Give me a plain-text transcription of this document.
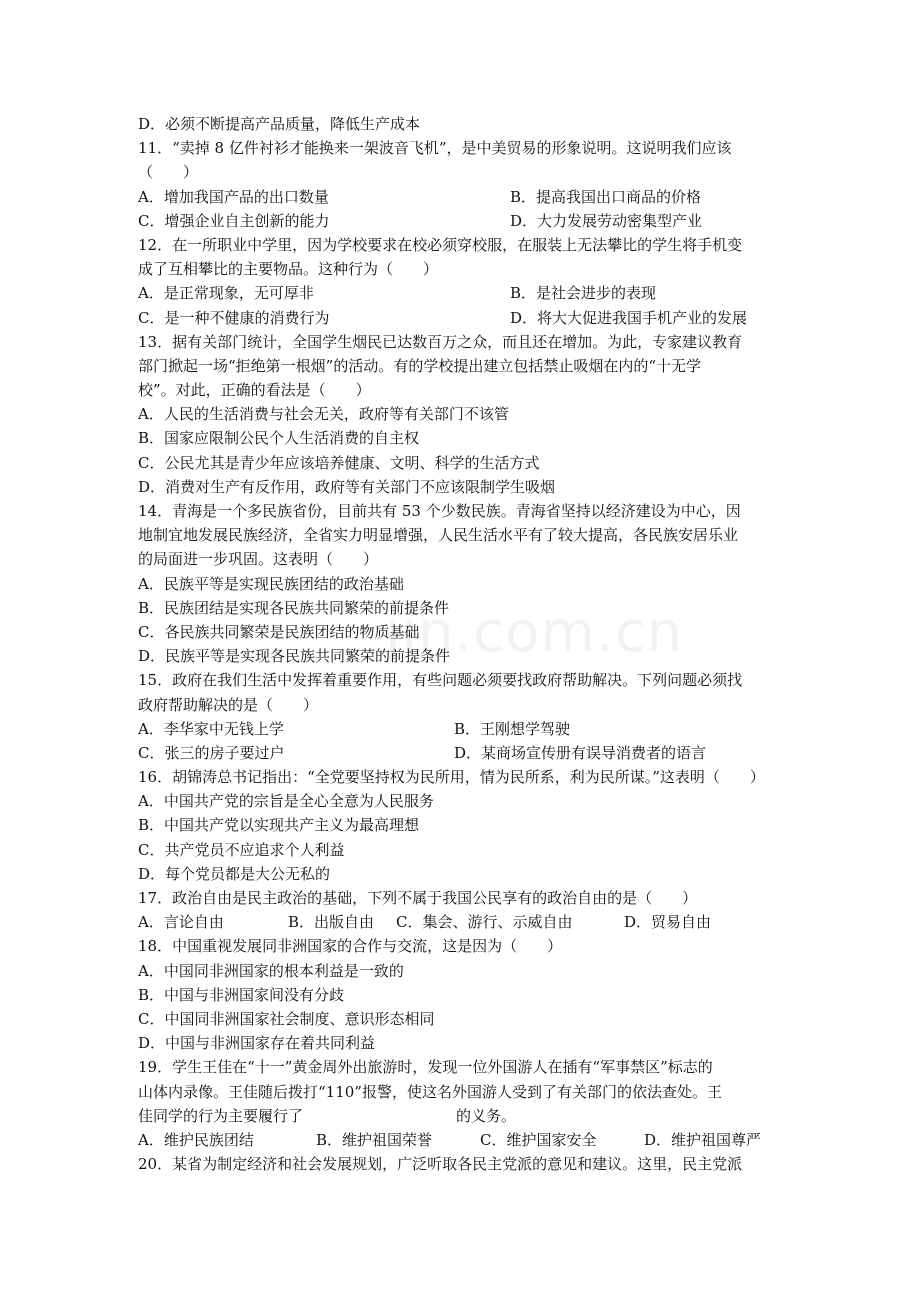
jin.com.cn
D．必须不断提高产品质量，降低生产成本
11．“卖掉 8 亿件衬衫才能换来一架波音飞机”，是中美贸易的形象说明。这说明我们应该
（　　）
A．增加我国产品的出口数量	B．提高我国出口商品的价格
C．增强企业自主创新的能力	D．大力发展劳动密集型产业
12．在一所职业中学里，因为学校要求在校必须穿校服，在服装上无法攀比的学生将手机变
成了互相攀比的主要物品。这种行为（　　）
A．是正常现象，无可厚非	B．是社会进步的表现
C．是一种不健康的消费行为	D．将大大促进我国手机产业的发展
13．据有关部门统计，全国学生烟民已达数百万之众，而且还在增加。为此，专家建议教育
部门掀起一场“拒绝第一根烟”的活动。有的学校提出建立包括禁止吸烟在内的“十无学
校”。对此，正确的看法是（　　）
A．人民的生活消费与社会无关，政府等有关部门不该管
B．国家应限制公民个人生活消费的自主权
C．公民尤其是青少年应该培养健康、文明、科学的生活方式
D．消费对生产有反作用，政府等有关部门不应该限制学生吸烟
14．青海是一个多民族省份，目前共有 53 个少数民族。青海省坚持以经济建设为中心，因
地制宜地发展民族经济，全省实力明显增强，人民生活水平有了较大提高，各民族安居乐业
的局面进一步巩固。这表明（　　）
A．民族平等是实现民族团结的政治基础
B．民族团结是实现各民族共同繁荣的前提条件
C．各民族共同繁荣是民族团结的物质基础
D．民族平等是实现各民族共同繁荣的前提条件
15．政府在我们生活中发挥着重要作用，有些问题必须要找政府帮助解决。下列问题必须找
政府帮助解决的是（　　）
A．李华家中无钱上学	B．王刚想学驾驶
C．张三的房子要过户	D．某商场宣传册有误导消费者的语言
16．胡锦涛总书记指出：“全党要坚持权为民所用，情为民所系，利为民所谋。”这表明（　　）
A．中国共产党的宗旨是全心全意为人民服务
B．中国共产党以实现共产主义为最高理想
C．共产党员不应追求个人利益
D．每个党员都是大公无私的
17．政治自由是民主政治的基础，下列不属于我国公民享有的政治自由的是（　　）
A．言论自由	B．出版自由	C．集会、游行、示威自由	D．贸易自由
18．中国重视发展同非洲国家的合作与交流，这是因为（　　）
A．中国同非洲国家的根本利益是一致的
B．中国与非洲国家间没有分歧
C．中国同非洲国家社会制度、意识形态相同
D．中国与非洲国家存在着共同利益
19．学生王佳在“十一”黄金周外出旅游时，发现一位外国游人在插有“军事禁区”标志的
山体内录像。王佳随后拨打“110”报警，使这名外国游人受到了有关部门的依法查处。王
佳同学的行为主要履行了	的义务。
A．维护民族团结	B．维护祖国荣誉	C．维护国家安全	D．维护祖国尊严
20．某省为制定经济和社会发展规划，广泛听取各民主党派的意见和建议。这里，民主党派
